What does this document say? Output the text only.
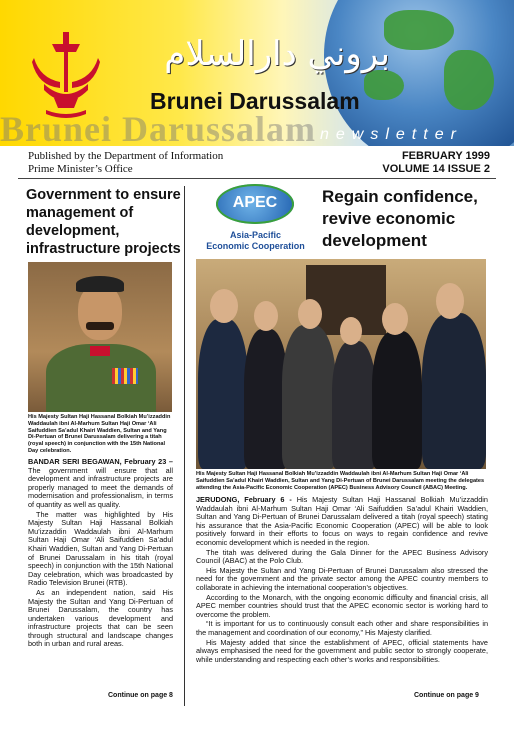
بروني دارالسلام
Brunei Darussalam
Brunei Darussalam newsletter
Published by the Department of Information
Prime Minister’s Office
FEBRUARY 1999
VOLUME 14 ISSUE 2
Government to ensure management of development, infrastructure projects
His Majesty Sultan Haji Hassanal Bolkiah Mu’izzaddin Waddaulah ibni Al-Marhum Sultan Haji Omar ‘Ali Saifuddien Sa’adul Khairi Waddien, Sultan and Yang Di-Pertuan of Brunei Darussalam delivering a titah (royal speech) in conjunction with the 15th National Day celebration.

BANDAR SERI BEGAWAN, February 23 – The government will ensure that all development and infrastructure projects are properly managed to meet the demands of modernisation and professionalism, in terms of quantity as well as quality.

The matter was highlighted by His Majesty Sultan Haji Hassanal Bolkiah Mu’izzaddin Waddaulah ibni Al-Marhum Sultan Haji Omar ‘Ali Saifuddien Sa’adul Khairi Waddien, Sultan and Yang Di-Pertuan of Brunei Darussalam in his titah (royal speech) in conjunction with the 15th National Day celebration, which was broadcasted by Radio Television Brunei (RTB).

As an independent nation, said His Majesty the Sultan and Yang Di-Pertuan of Brunei Darussalam, the country has undertaken various development and infrastructure projects that can be seen through structural and landscape changes both in urban and rural areas.

Continue on page 8
APEC
Asia-Pacific
Economic Cooperation
Regain confidence, revive economic development
His Majesty Sultan Haji Hassanal Bolkiah Mu’izzaddin Waddaulah ibni Al-Marhum Sultan Haji Omar ‘Ali Saifuddien Sa’adul Khairi Waddien, Sultan and Yang Di-Pertuan of Brunei Darussalam meeting the delegates attending the Asia-Pacific Economic Cooperation (APEC) Business Advisory Council (ABAC) Meeting.

JERUDONG, February 6 - His Majesty Sultan Haji Hassanal Bolkiah Mu’izzaddin Waddaulah ibni Al-Marhum Sultan Haji Omar ‘Ali Saifuddien Sa’adul Khairi Waddien, Sultan and Yang Di-Pertuan of Brunei Darussalam delivered a titah (royal speech) stating his assurance that the Asia-Pacific Economic Cooperation (APEC) will be able to look positively forward in their efforts to focus on ways to regain confidence and revive economic development which is needed in the region.

The titah was delivered during the Gala Dinner for the APEC Business Advisory Council (ABAC) at the Polo Club.

His Majesty the Sultan and Yang Di-Pertuan of Brunei Darussalam also stressed the need for the government and the private sector among the APEC country members to collaborate in achieving the international cooperation’s objectives.

According to the Monarch, with the ongoing economic difficulty and financial crisis, all APEC member countries should trust that the APEC economic sector is working hard to overcome the problem.

“It is important for us to continuously consult each other and share responsibilities in the management and coordination of our economy,” His Majesty clarified.

His Majesty added that since the establishment of APEC, official statements have always emphasised the need for the government and public sector to strongly cooperate, while understanding and respecting each other’s works and responsibilities.

Continue on page 9
